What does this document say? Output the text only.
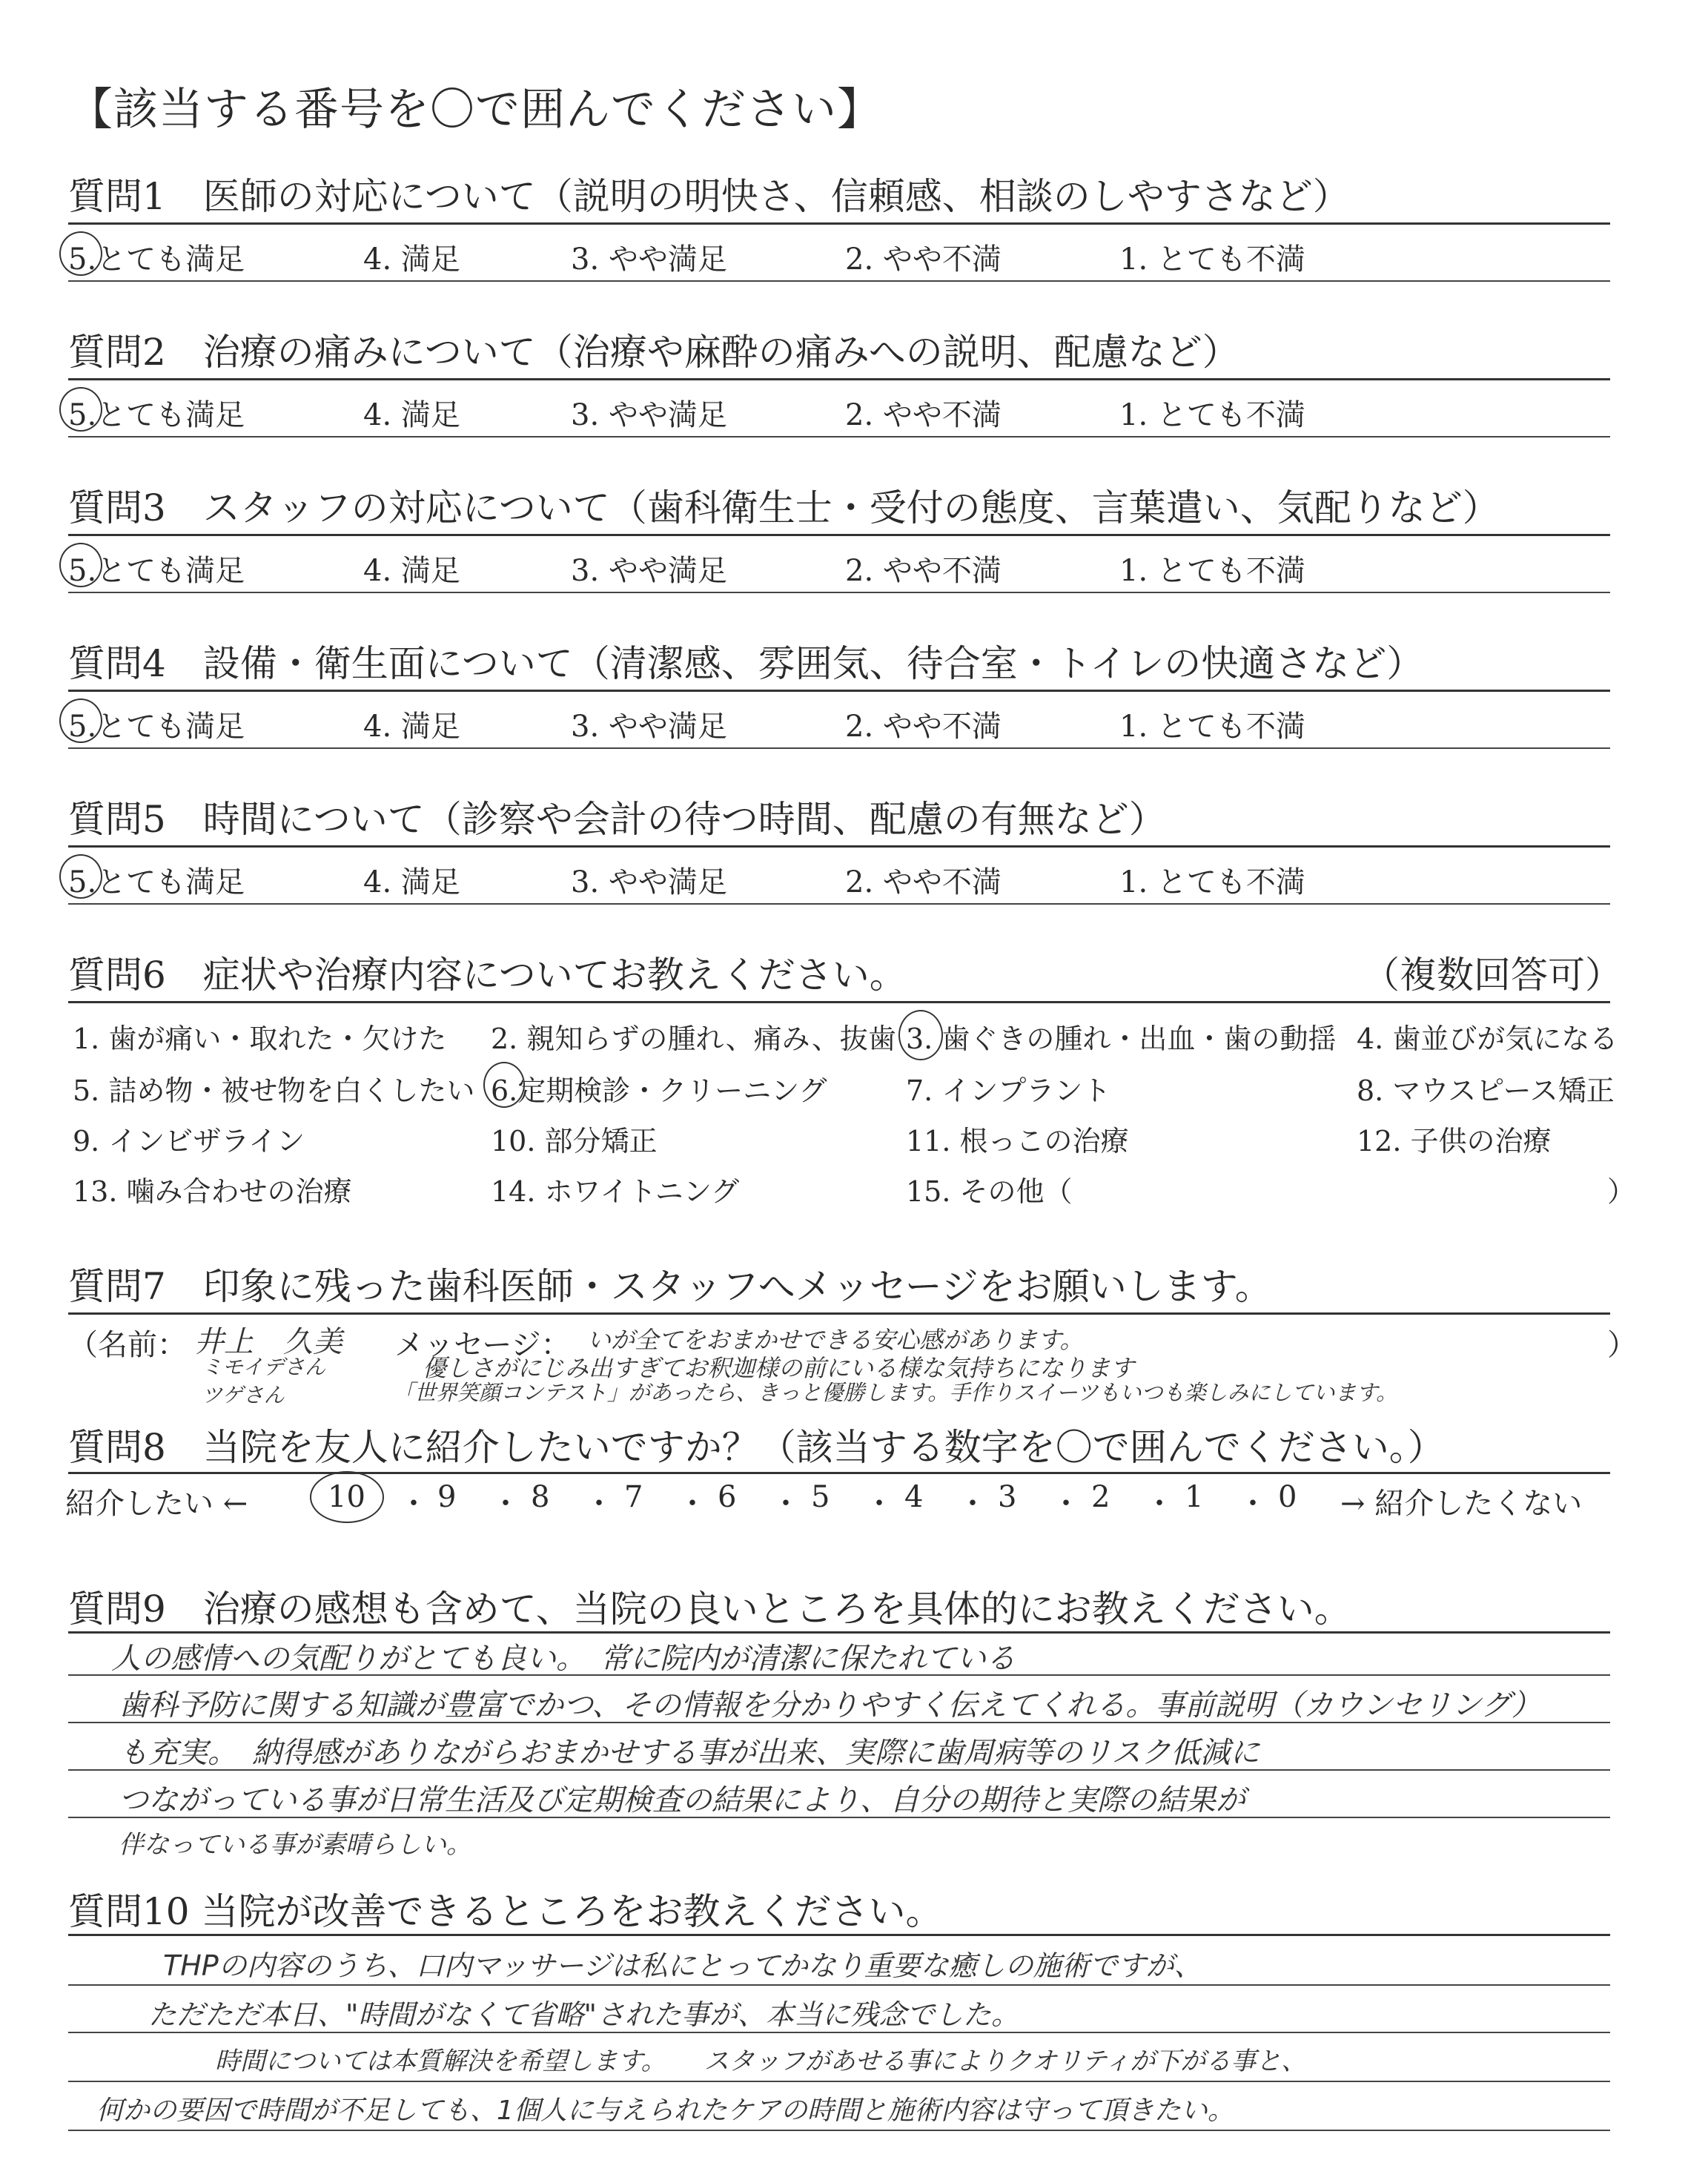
【該当する番号を〇で囲んでください】
質問1　医師の対応について（説明の明快さ、信頼感、相談のしやすさなど）
5.とても満足	4. 満足	3. やや満足	2. やや不満	1. とても不満
質問2　治療の痛みについて（治療や麻酔の痛みへの説明、配慮など）
5.とても満足	4. 満足	3. やや満足	2. やや不満	1. とても不満
質問3　スタッフの対応について（歯科衛生士・受付の態度、言葉遣い、気配りなど）
5.とても満足	4. 満足	3. やや満足	2. やや不満	1. とても不満
質問4　設備・衛生面について（清潔感、雰囲気、待合室・トイレの快適さなど）
5.とても満足	4. 満足	3. やや満足	2. やや不満	1. とても不満
質問5　時間について（診察や会計の待つ時間、配慮の有無など）
5.とても満足	4. 満足	3. やや満足	2. やや不満	1. とても不満
質問6　症状や治療内容についてお教えください。	（複数回答可）
1. 歯が痛い・取れた・欠けた 2. 親知らずの腫れ、痛み、抜歯 3. 歯ぐきの腫れ・出血・歯の動揺 4. 歯並びが気になる
5. 詰め物・被せ物を白くしたい 6.定期検診・クリーニング	7. インプラント	8. マウスピース矯正
9. インビザライン	10. 部分矯正	11. 根っこの治療	12. 子供の治療
13. 噛み合わせの治療	14. ホワイトニング	15. その他（	）
質問7　印象に残った歯科医師・スタッフへメッセージをお願いします。
（名前： 井上　久美 メッセージ： いが全てをおまかせできる安心感があります。	）
ミモイデさん	優しさがにじみ出すぎてお釈迦様の前にいる様な気持ちになります
ツゲさん	「世界笑顔コンテスト」があったら、きっと優勝します。手作りスイーツもいつも楽しみにしています。
質問8　当院を友人に紹介したいですか？（該当する数字を〇で囲んでください。）
紹介したい ←	→ 紹介したくない
10 ・ 9 ・ 8 ・ 7 ・ 6 ・ 5 ・ 4 ・ 3 ・ 2 ・ 1 ・ 0
質問9　治療の感想も含めて、当院の良いところを具体的にお教えください。
人の感情への気配りがとても良い。　常に院内が清潔に保たれている
歯科予防に関する知識が豊富でかつ、その情報を分かりやすく伝えてくれる。事前説明（カウンセリング）
も充実。　納得感がありながらおまかせする事が出来、実際に歯周病等のリスク低減に
つながっている事が日常生活及び定期検査の結果により、自分の期待と実際の結果が
伴なっている事が素晴らしい。
質問10 当院が改善できるところをお教えください。
THPの内容のうち、口内マッサージは私にとってかなり重要な癒しの施術ですが、
ただただ本日、"時間がなくて省略"された事が、本当に残念でした。
時間については本質解決を希望します。　　スタッフがあせる事によりクオリティが下がる事と、
何かの要因で時間が不足しても、1個人に与えられたケアの時間と施術内容は守って頂きたい。
